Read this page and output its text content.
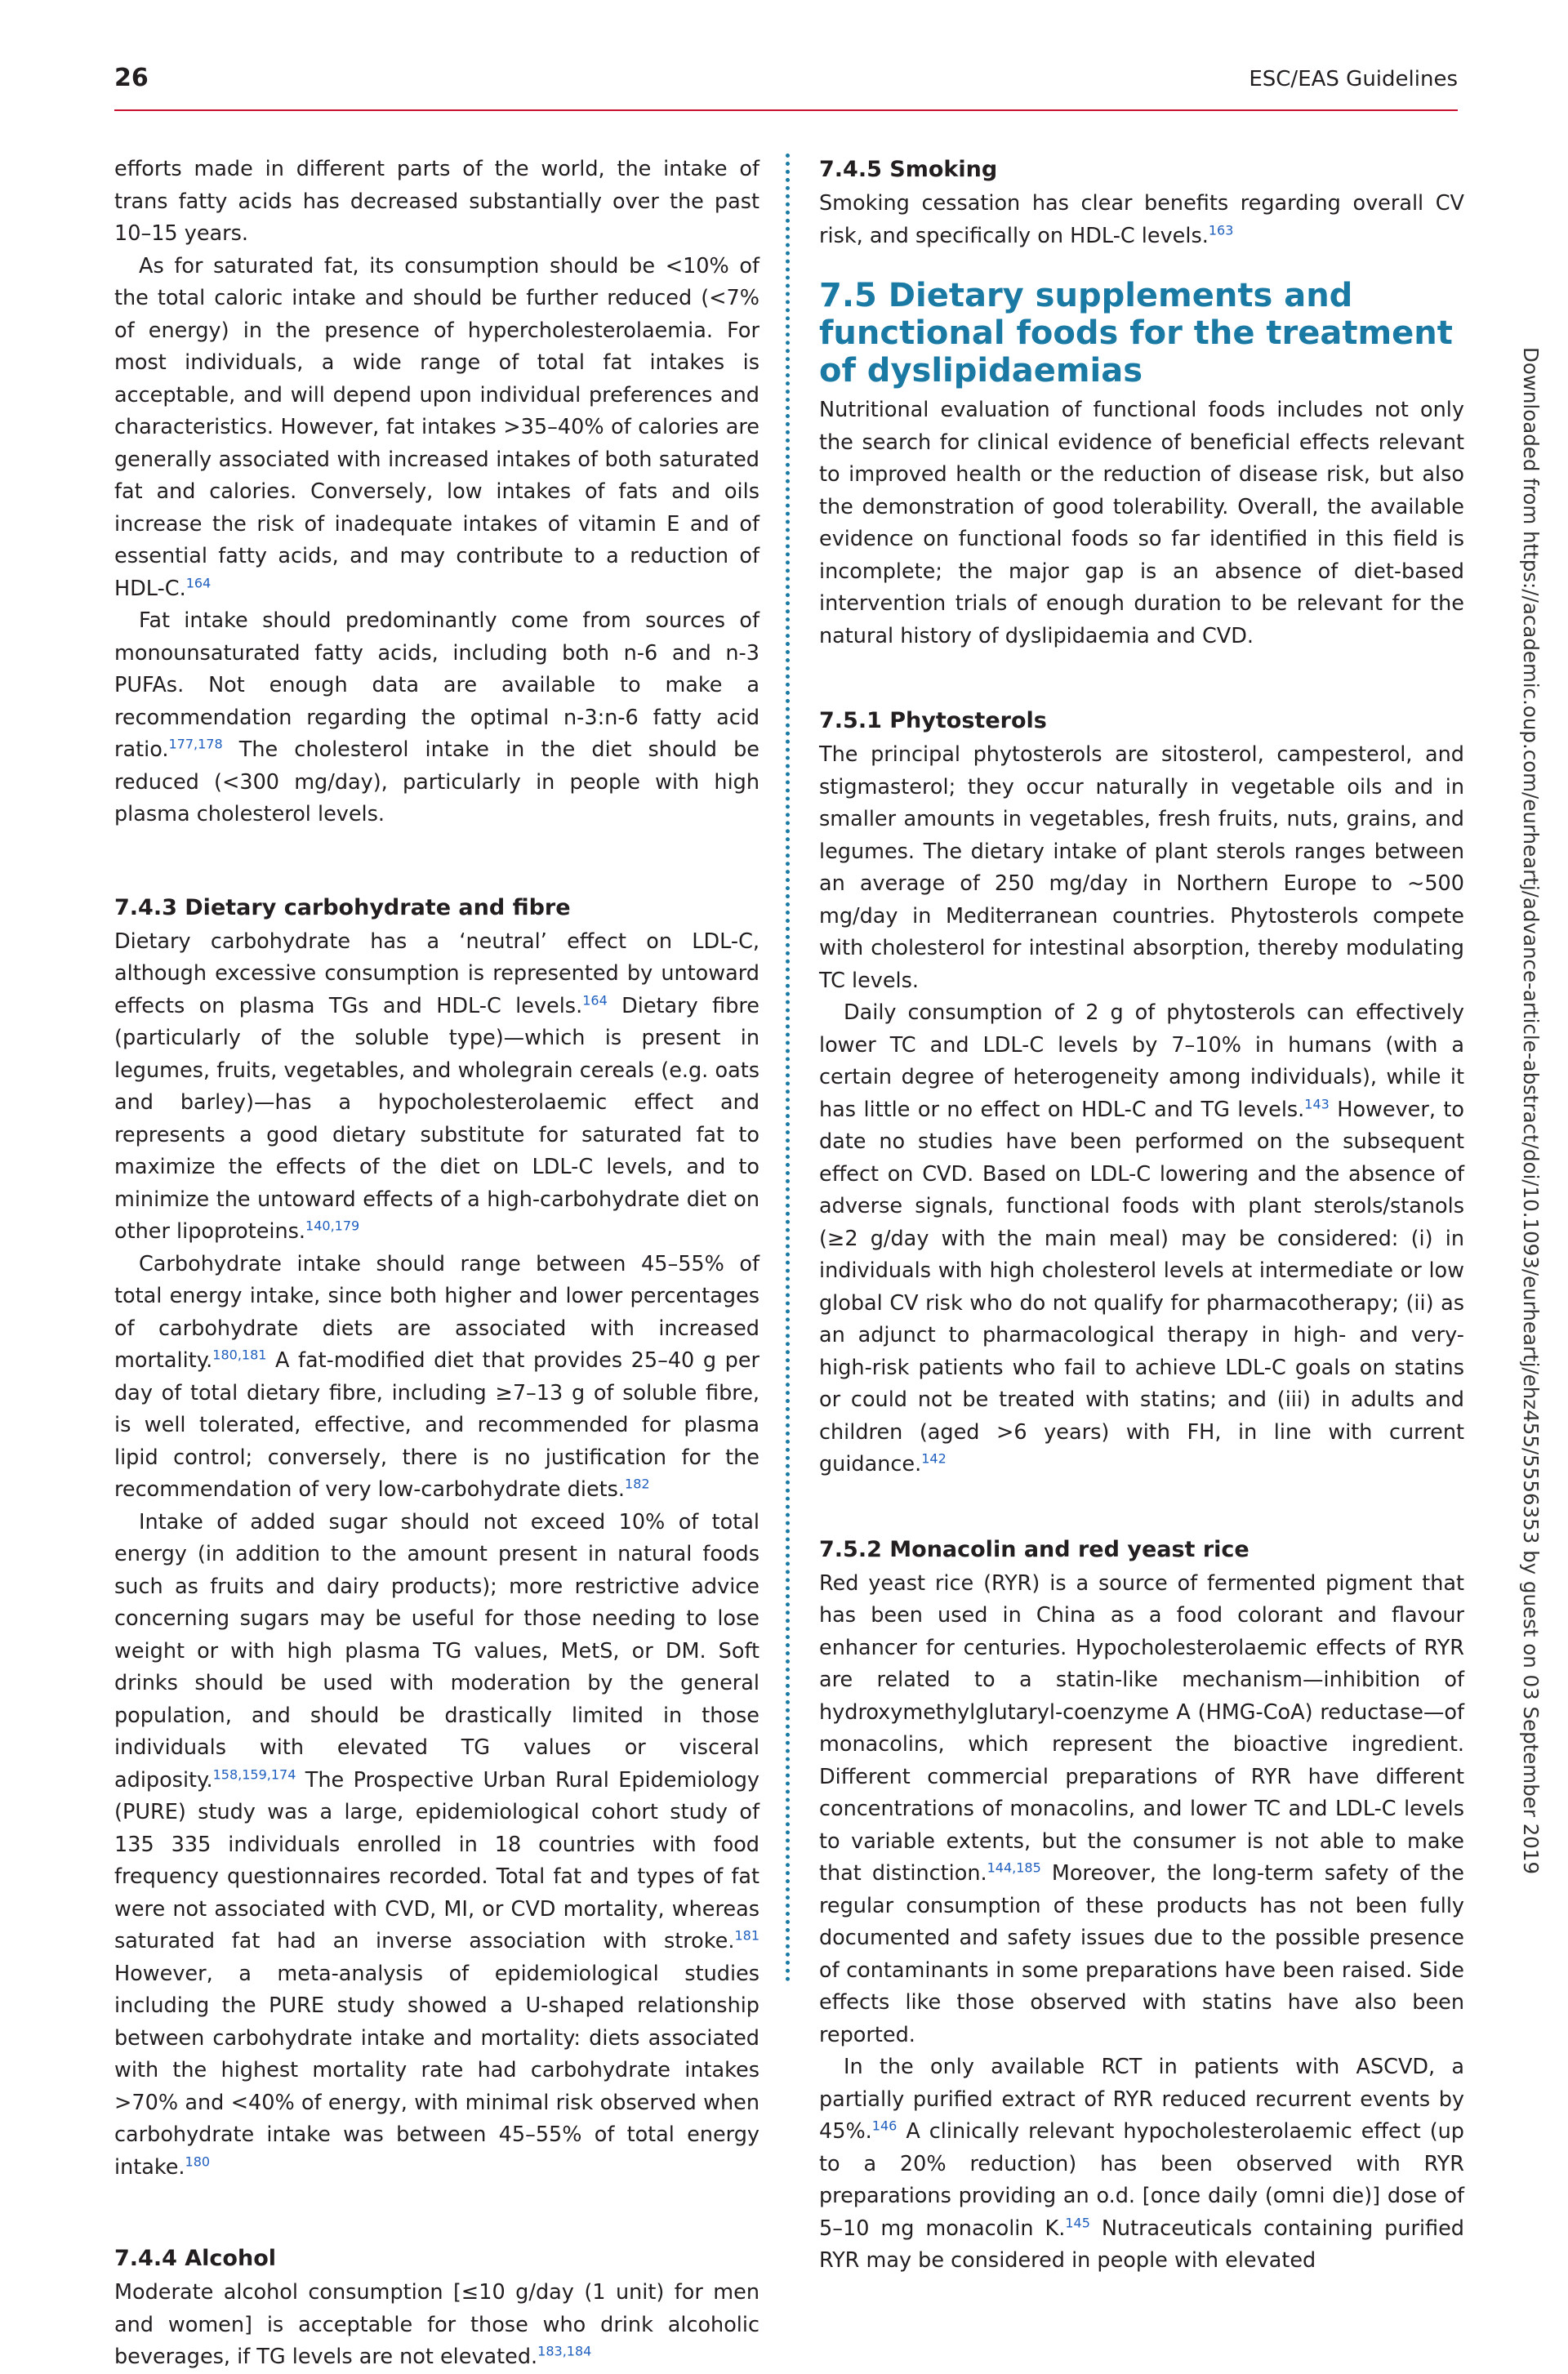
26	ESC/EAS Guidelines

efforts made in different parts of the world, the intake of trans fatty acids has decreased substantially over the past 10–15 years.

As for saturated fat, its consumption should be <10% of the total caloric intake and should be further reduced (<7% of energy) in the presence of hypercholesterolaemia. For most individuals, a wide range of total fat intakes is acceptable, and will depend upon individual preferences and characteristics. However, fat intakes >35–40% of calories are generally associated with increased intakes of both saturated fat and calories. Conversely, low intakes of fats and oils increase the risk of inadequate intakes of vitamin E and of essential fatty acids, and may contribute to a reduction of HDL-C.$^{164}$

Fat intake should predominantly come from sources of monounsaturated fatty acids, including both n-6 and n-3 PUFAs. Not enough data are available to make a recommendation regarding the optimal n-3:n-6 fatty acid ratio.$^{177,178}$ The cholesterol intake in the diet should be reduced (<300 mg/day), particularly in people with high plasma cholesterol levels.

7.4.3 Dietary carbohydrate and fibre

Dietary carbohydrate has a ‘neutral’ effect on LDL-C, although excessive consumption is represented by untoward effects on plasma TGs and HDL-C levels.$^{164}$ Dietary fibre (particularly of the soluble type)—which is present in legumes, fruits, vegetables, and wholegrain cereals (e.g. oats and barley)—has a hypocholesterolaemic effect and represents a good dietary substitute for saturated fat to maximize the effects of the diet on LDL-C levels, and to minimize the untoward effects of a high-carbohydrate diet on other lipoproteins.$^{140,179}$

Carbohydrate intake should range between 45–55% of total energy intake, since both higher and lower percentages of carbohydrate diets are associated with increased mortality.$^{180,181}$ A fat-modified diet that provides 25–40 g per day of total dietary fibre, including ≥7–13 g of soluble fibre, is well tolerated, effective, and recommended for plasma lipid control; conversely, there is no justification for the recommendation of very low-carbohydrate diets.$^{182}$

Intake of added sugar should not exceed 10% of total energy (in addition to the amount present in natural foods such as fruits and dairy products); more restrictive advice concerning sugars may be useful for those needing to lose weight or with high plasma TG values, MetS, or DM. Soft drinks should be used with moderation by the general population, and should be drastically limited in those individuals with elevated TG values or visceral adiposity.$^{158,159,174}$ The Prospective Urban Rural Epidemiology (PURE) study was a large, epidemiological cohort study of 135 335 individuals enrolled in 18 countries with food frequency questionnaires recorded. Total fat and types of fat were not associated with CVD, MI, or CVD mortality, whereas saturated fat had an inverse association with stroke.$^{181}$ However, a meta-analysis of epidemiological studies including the PURE study showed a U-shaped relationship between carbohydrate intake and mortality: diets associated with the highest mortality rate had carbohydrate intakes >70% and <40% of energy, with minimal risk observed when carbohydrate intake was between 45–55% of total energy intake.$^{180}$

7.4.4 Alcohol

Moderate alcohol consumption [≤10 g/day (1 unit) for men and women] is acceptable for those who drink alcoholic beverages, if TG levels are not elevated.$^{183,184}$

7.4.5 Smoking

Smoking cessation has clear benefits regarding overall CV risk, and specifically on HDL-C levels.$^{163}$

7.5 Dietary supplements and functional foods for the treatment of dyslipidaemias

Nutritional evaluation of functional foods includes not only the search for clinical evidence of beneficial effects relevant to improved health or the reduction of disease risk, but also the demonstration of good tolerability. Overall, the available evidence on functional foods so far identified in this field is incomplete; the major gap is an absence of diet-based intervention trials of enough duration to be relevant for the natural history of dyslipidaemia and CVD.

7.5.1 Phytosterols

The principal phytosterols are sitosterol, campesterol, and stigmasterol; they occur naturally in vegetable oils and in smaller amounts in vegetables, fresh fruits, nuts, grains, and legumes. The dietary intake of plant sterols ranges between an average of 250 mg/day in Northern Europe to ∼500 mg/day in Mediterranean countries. Phytosterols compete with cholesterol for intestinal absorption, thereby modulating TC levels.

Daily consumption of 2 g of phytosterols can effectively lower TC and LDL-C levels by 7–10% in humans (with a certain degree of heterogeneity among individuals), while it has little or no effect on HDL-C and TG levels.$^{143}$ However, to date no studies have been performed on the subsequent effect on CVD. Based on LDL-C lowering and the absence of adverse signals, functional foods with plant sterols/stanols (≥2 g/day with the main meal) may be considered: (i) in individuals with high cholesterol levels at intermediate or low global CV risk who do not qualify for pharmacotherapy; (ii) as an adjunct to pharmacological therapy in high- and very-high-risk patients who fail to achieve LDL-C goals on statins or could not be treated with statins; and (iii) in adults and children (aged >6 years) with FH, in line with current guidance.$^{142}$

7.5.2 Monacolin and red yeast rice

Red yeast rice (RYR) is a source of fermented pigment that has been used in China as a food colorant and flavour enhancer for centuries. Hypocholesterolaemic effects of RYR are related to a statin-like mechanism—inhibition of hydroxymethylglutaryl-coenzyme A (HMG-CoA) reductase—of monacolins, which represent the bioactive ingredient. Different commercial preparations of RYR have different concentrations of monacolins, and lower TC and LDL-C levels to variable extents, but the consumer is not able to make that distinction.$^{144,185}$ Moreover, the long-term safety of the regular consumption of these products has not been fully documented and safety issues due to the possible presence of contaminants in some preparations have been raised. Side effects like those observed with statins have also been reported.

In the only available RCT in patients with ASCVD, a partially purified extract of RYR reduced recurrent events by 45%.$^{146}$ A clinically relevant hypocholesterolaemic effect (up to a 20% reduction) has been observed with RYR preparations providing an o.d. [once daily (omni die)] dose of 5–10 mg monacolin K.$^{145}$ Nutraceuticals containing purified RYR may be considered in people with elevated

Downloaded from https://academic.oup.com/eurheartj/advance-article-abstract/doi/10.1093/eurheartj/ehz455/5556353 by guest on 03 September 2019
